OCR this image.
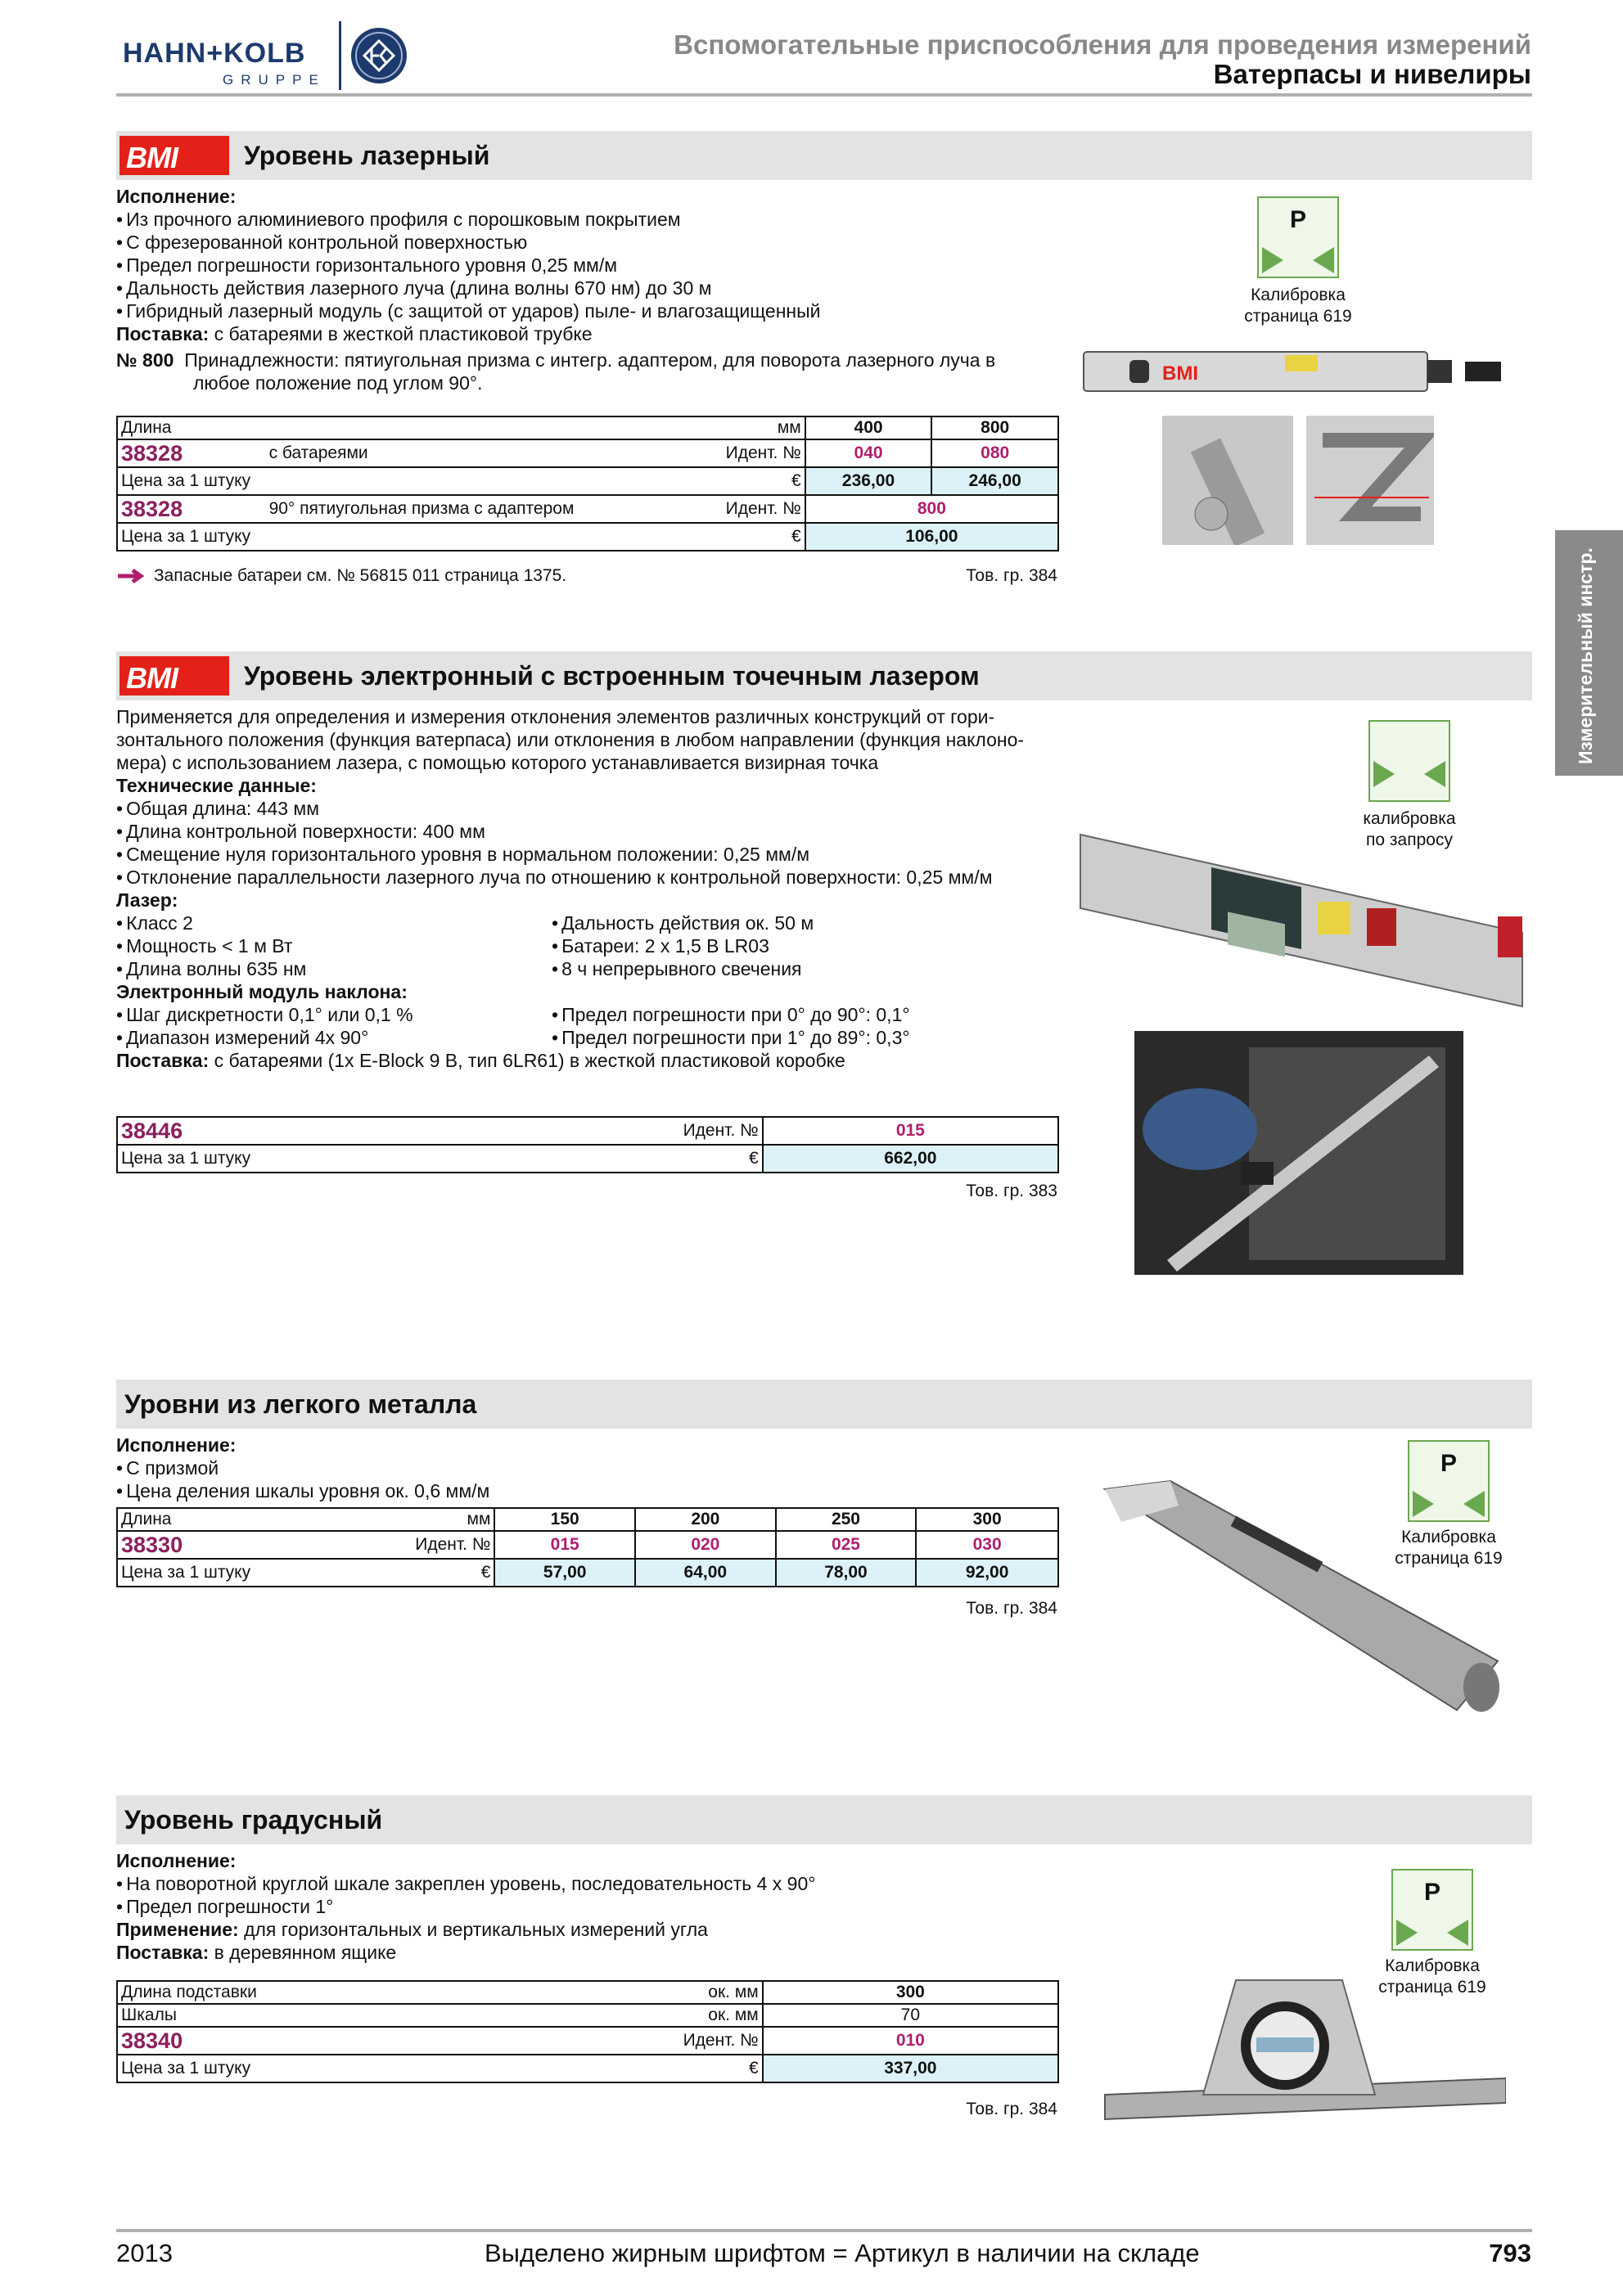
HAHN+KOLB
GRUPPE
Вспомогательные приспособления для проведения измерений
Ватерпасы и нивелиры
Измерительный инстр.
BMI	Уровень лазерный
Исполнение:
• Из прочного алюминиевого профиля с порошковым покрытием
• С фрезерованной контрольной поверхностью
• Предел погрешности горизонтального уровня 0,25 мм/м
• Дальность действия лазерного луча (длина волны 670 нм) до 30 м
• Гибридный лазерный модуль (с защитой от ударов) пыле- и влагозащищенный
Поставка: с батареями в жесткой пластиковой трубке
№ 800 Принадлежности: пятиугольная призма с интегр. адаптером, для поворота лазерного луча в
любое положение под углом 90°.
Длина		мм	400	800
38328	с батареями	Идент. №	040	080
Цена за 1 штуку		€	236,00	246,00
38328	90° пятиугольная призма с адаптером	Идент. №	800	
Цена за 1 штуку		€	106,00	
Запасные батареи см. № 56815 011 страница 1375.	Тов. гр. 384
P
Калибровка
страница 619
BMI
BMI	Уровень электронный с встроенным точечным лазером
Применяется для определения и измерения отклонения элементов различных конструкций от гори-
зонтального положения (функция ватерпаса) или отклонения в любом направлении (функция наклоно-
мера) с использованием лазера, с помощью которого устанавливается визирная точка
Технические данные:
• Общая длина: 443 мм
• Длина контрольной поверхности: 400 мм
• Смещение нуля горизонтального уровня в нормальном положении: 0,25 мм/м
• Отклонение параллельности лазерного луча по отношению к контрольной поверхности: 0,25 мм/м
Лазер:
• Класс 2
• Мощность < 1 м Вт
• Длина волны 635 нм
• Дальность действия ок. 50 м
• Батареи: 2 x 1,5 В LR03
• 8 ч непрерывного свечения
Электронный модуль наклона:
• Шаг дискретности 0,1° или 0,1 %
• Диапазон измерений 4x 90°
• Предел погрешности при 0° до 90°: 0,1°
• Предел погрешности при 1° до 89°: 0,3°
Поставка: с батареями (1x E-Block 9 В, тип 6LR61) в жесткой пластиковой коробке
38446	Идент. №	015
Цена за 1 штуку	€	662,00
Тов. гр. 383
калибровка
по запросу
Уровни из легкого металла
Исполнение:
• С призмой
• Цена деления шкалы уровня ок. 0,6 мм/м
Длина	мм	150	200	250	300
38330	Идент. №	015	020	025	030
Цена за 1 штуку	€	57,00	64,00	78,00	92,00
Тов. гр. 384
P
Калибровка
страница 619
Уровень градусный
Исполнение:
• На поворотной круглой шкале закреплен уровень, последовательность 4 x 90°
• Предел погрешности 1°
Применение: для горизонтальных и вертикальных измерений угла
Поставка: в деревянном ящике
Длина подставки	ок. мм	300
Шкалы	ок. мм	70
38340	Идент. №	010
Цена за 1 штуку	€	337,00
Тов. гр. 384
P
Калибровка
страница 619
2013	Выделено жирным шрифтом = Артикул в наличии на складе	793
